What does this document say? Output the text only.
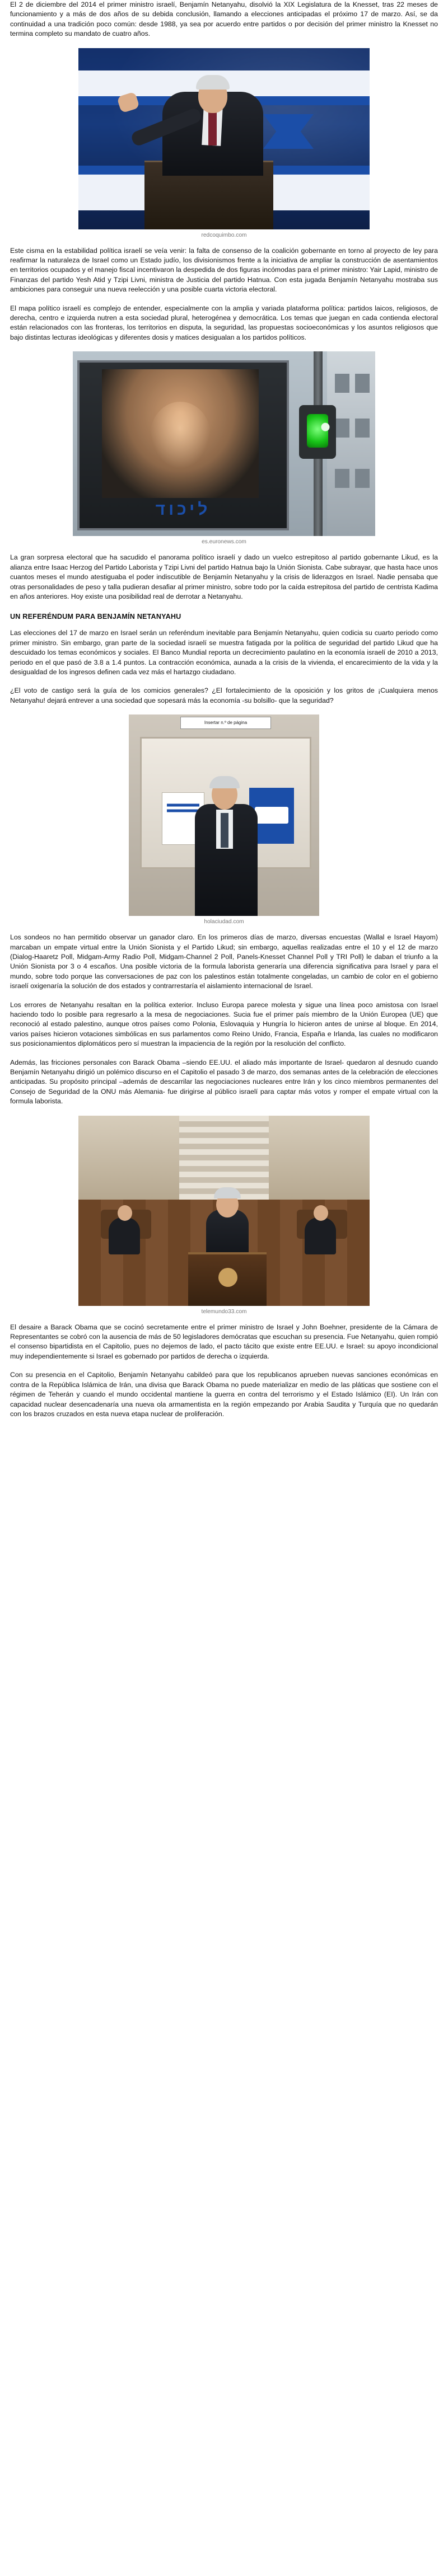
El 2 de diciembre del 2014 el primer ministro israelí, Benjamín Netanyahu, disolvió la XIX Legislatura de la Knesset, tras 22 meses de funcionamiento y a más de dos años de su debida conclusión, llamando a elecciones anticipadas el próximo 17 de marzo. Así, se da continuidad a una tradición poco común: desde 1988, ya sea por acuerdo entre partidos o por decisión del primer ministro la Knesset no termina completo su mandato de cuatro años.

redcoquimbo.com

Este cisma en la estabilidad política israelí se veía venir: la falta de consenso de la coalición gobernante en torno al proyecto de ley para reafirmar la naturaleza de Israel como un Estado judío, los divisionismos frente a la iniciativa de ampliar la construcción de asentamientos en territorios ocupados y el manejo fiscal incentivaron la despedida de dos figuras incómodas para el primer ministro: Yair Lapid, ministro de Finanzas del partido Yesh Atid y Tzipi Livni, ministra de Justicia del partido Hatnua. Con esta jugada Benjamín Netanyahu mostraba sus ambiciones para conseguir una nueva reelección y una posible cuarta victoria electoral.

El mapa político israelí es complejo de entender, especialmente con la amplia y variada plataforma política: partidos laicos, religiosos, de derecha, centro e izquierda nutren a esta sociedad plural, heterogénea y democrática. Los temas que juegan en cada contienda electoral están relacionados con las fronteras, los territorios en disputa, la seguridad, las propuestas socioeconómicas y los asuntos religiosos que bajo distintas lecturas ideológicas y diferentes dosis y matices desigualan a los partidos políticos.

ליכוד
es.euronews.com

La gran sorpresa electoral que ha sacudido el panorama político israelí y dado un vuelco estrepitoso al partido gobernante Likud, es la alianza entre Isaac Herzog del Partido Laborista y Tzipi Livni del partido Hatnua bajo la Unión Sionista. Cabe subrayar, que hasta hace unos cuantos meses el mundo atestiguaba el poder indiscutible de Benjamín Netanyahu y la crisis de liderazgos en Israel. Nadie pensaba que otras personalidades de peso y talla pudieran desafiar al primer ministro, sobre todo por la caída estrepitosa del partido de centrista Kadima en años anteriores. Hoy existe una posibilidad real de derrotar a Netanyahu.

UN REFERÉNDUM PARA BENJAMÍN NETANYAHU

Las elecciones del 17 de marzo en Israel serán un referéndum inevitable para Benjamín Netanyahu, quien codicia su cuarto periodo como primer ministro. Sin embargo, gran parte de la sociedad israelí se muestra fatigada por la política de seguridad del partido Likud que ha descuidado los temas económicos y sociales. El Banco Mundial reporta un decrecimiento paulatino en la economía israelí de 2010 a 2013, periodo en el que pasó de 3.8 a 1.4 puntos. La contracción económica, aunada a la crisis de la vivienda, el encarecimiento de la vida y la desigualdad de los ingresos definen cada vez más el hartazgo ciudadano.

¿El voto de castigo será la guía de los comicios generales? ¿El fortalecimiento de la oposición y los gritos de ¡Cualquiera menos Netanyahu! dejará entrever a una sociedad que sopesará más la economía -su bolsillo- que la seguridad?

Insertar n.º de página
holaciudad.com

Los sondeos no han permitido observar un ganador claro. En los primeros días de marzo, diversas encuestas (Wallal e Israel Hayom) marcaban un empate virtual entre la Unión Sionista y el Partido Likud; sin embargo, aquellas realizadas entre el 10 y el 12 de marzo (Dialog-Haaretz Poll, Midgam-Army Radio Poll, Midgam-Channel 2 Poll, Panels-Knesset Channel Poll y TRI Poll) le daban el triunfo a la Unión Sionista por 3 o 4 escaños. Una posible victoria de la formula laborista generaría una diferencia significativa para Israel y para el mundo, sobre todo porque las conversaciones de paz con los palestinos están totalmente congeladas, un cambio de color en el gobierno israelí oxigenaría la solución de dos estados y contrarrestaría el aislamiento internacional de Israel.

Los errores de Netanyahu resaltan en la política exterior. Incluso Europa parece molesta y sigue una línea poco amistosa con Israel haciendo todo lo posible para regresarlo a la mesa de negociaciones. Sucia fue el primer país miembro de la Unión Europea (UE) que reconoció al estado palestino, aunque otros países como Polonia, Eslovaquia y Hungría lo hicieron antes de unirse al bloque. En 2014, varios países hicieron votaciones simbólicas en sus parlamentos como Reino Unido, Francia, España e Irlanda, las cuales no modificaron sus posicionamientos diplomáticos pero sí muestran la impaciencia de la región por la resolución del conflicto.

Además, las fricciones personales con Barack Obama –siendo EE.UU. el aliado más importante de Israel- quedaron al desnudo cuando Benjamín Netanyahu dirigió un polémico discurso en el Capitolio el pasado 3 de marzo, dos semanas antes de la celebración de elecciones anticipadas. Su propósito principal –además de descarrilar las negociaciones nucleares entre Irán y los cinco miembros permanentes del Consejo de Seguridad de la ONU más Alemania- fue dirigirse al público israelí para captar más votos y romper el empate virtual con la formula laborista.

telemundo33.com

El desaire a Barack Obama que se cocinó secretamente entre el primer ministro de Israel y John Boehner, presidente de la Cámara de Representantes se cobró con la ausencia de más de 50 legisladores demócratas que escuchan su presencia. Fue Netanyahu, quien rompió el consenso bipartidista en el Capitolio, pues no dejemos de lado, el pacto tácito que existe entre EE.UU. e Israel: su apoyo incondicional muy independientemente si Israel es gobernado por partidos de derecha o izquierda.

Con su presencia en el Capitolio, Benjamín Netanyahu cabildeó para que los republicanos aprueben nuevas sanciones económicas en contra de la República Islámica de Irán, una divisa que Barack Obama no puede materializar en medio de las pláticas que sostiene con el régimen de Teherán y cuando el mundo occidental mantiene la guerra en contra del terrorismo y el Estado Islámico (EI). Un Irán con capacidad nuclear desencadenaría una nueva ola armamentista en la región empezando por Arabia Saudita y Turquía que no quedarán con los brazos cruzados en esta nueva etapa nuclear de proliferación.
